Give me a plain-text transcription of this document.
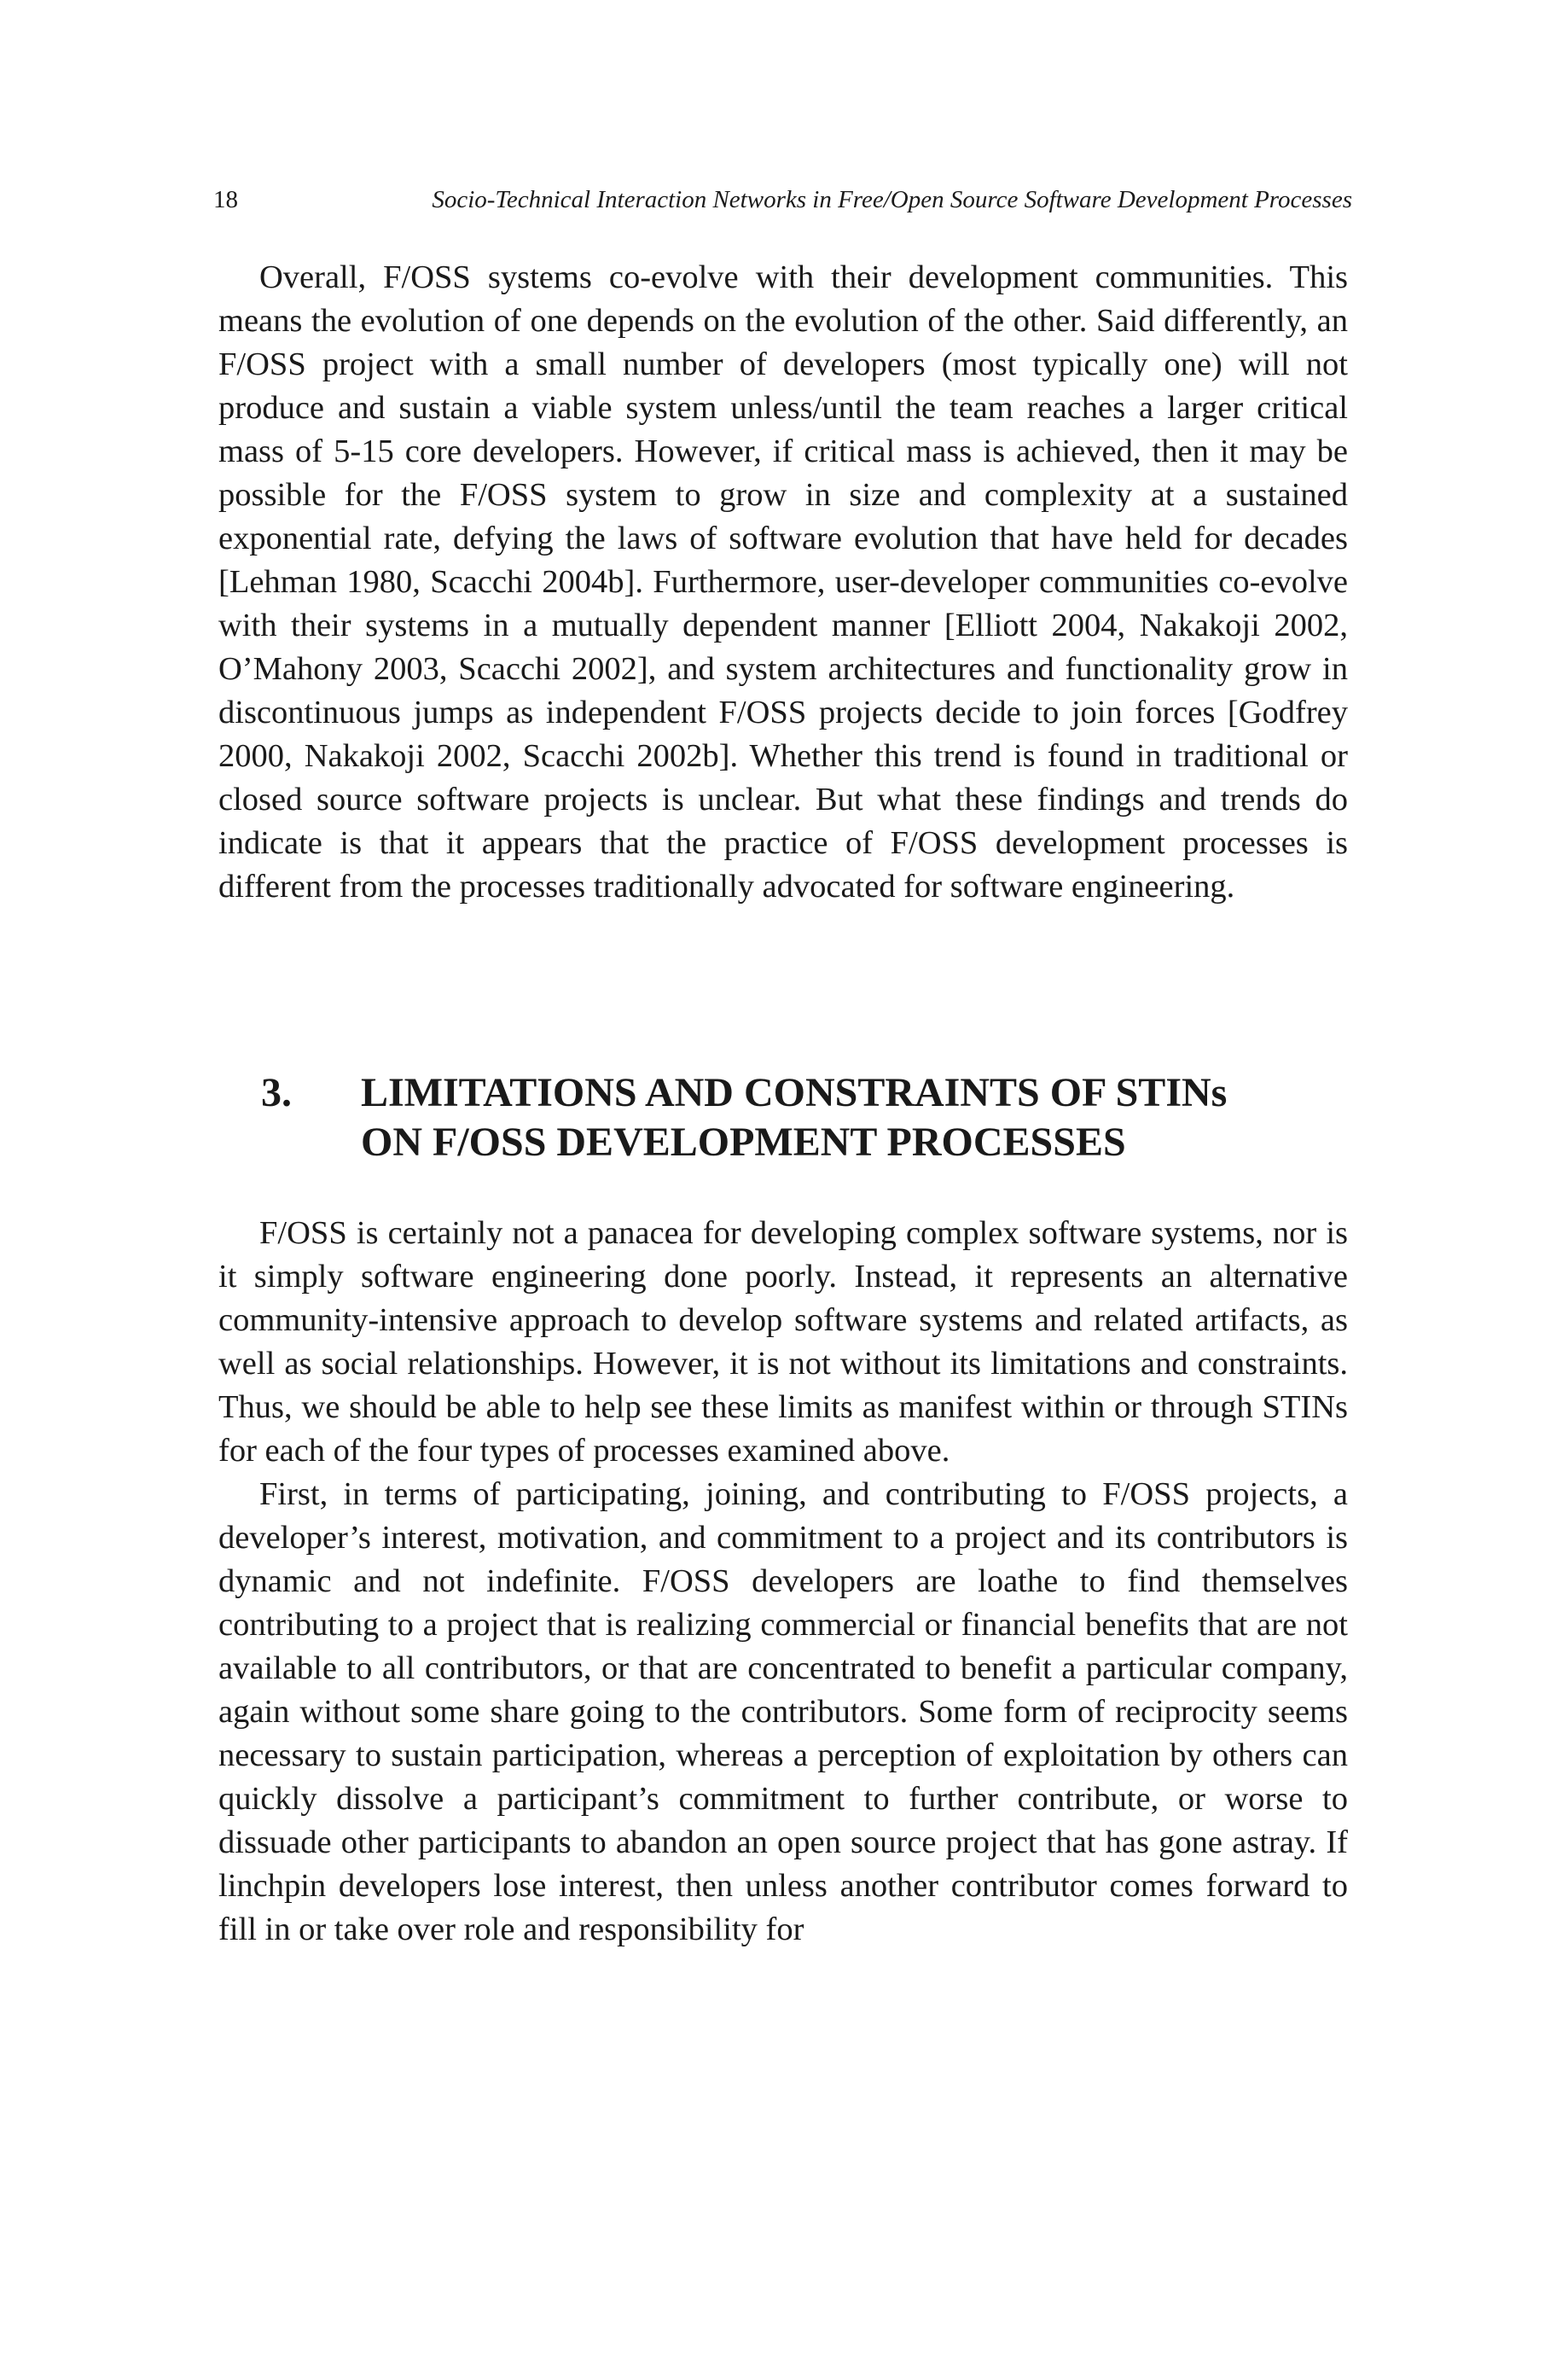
18	Socio-Technical Interaction Networks in Free/Open Source Software Development Processes

Overall, F/OSS systems co-evolve with their development communities. This means the evolution of one depends on the evolution of the other. Said differently, an F/OSS project with a small number of developers (most typically one) will not produce and sustain a viable system unless/until the team reaches a larger critical mass of 5-15 core developers. However, if critical mass is achieved, then it may be possible for the F/OSS system to grow in size and complexity at a sustained exponential rate, defying the laws of software evolution that have held for decades [Lehman 1980, Scacchi 2004b]. Furthermore, user-developer communities co-evolve with their systems in a mutually dependent manner [Elliott 2004, Nakakoji 2002, O’Mahony 2003, Scacchi 2002], and system architectures and functionality grow in discontinuous jumps as independent F/OSS projects decide to join forces [Godfrey 2000, Nakakoji 2002, Scacchi 2002b]. Whether this trend is found in traditional or closed source software projects is unclear. But what these findings and trends do indicate is that it appears that the practice of F/OSS development processes is different from the processes traditionally advocated for software engineering.

3. LIMITATIONS AND CONSTRAINTS OF STINs
ON F/OSS DEVELOPMENT PROCESSES

F/OSS is certainly not a panacea for developing complex software systems, nor is it simply software engineering done poorly. Instead, it represents an alternative community-intensive approach to develop software systems and related artifacts, as well as social relationships. However, it is not without its limitations and constraints. Thus, we should be able to help see these limits as manifest within or through STINs for each of the four types of processes examined above.

First, in terms of participating, joining, and contributing to F/OSS projects, a developer’s interest, motivation, and commitment to a project and its contributors is dynamic and not indefinite. F/OSS developers are loathe to find themselves contributing to a project that is realizing commercial or financial benefits that are not available to all contributors, or that are concentrated to benefit a particular company, again without some share going to the contributors. Some form of reciprocity seems necessary to sustain participation, whereas a perception of exploitation by others can quickly dissolve a participant’s commitment to further contribute, or worse to dissuade other participants to abandon an open source project that has gone astray. If linchpin developers lose interest, then unless another contributor comes forward to fill in or take over role and responsibility for
